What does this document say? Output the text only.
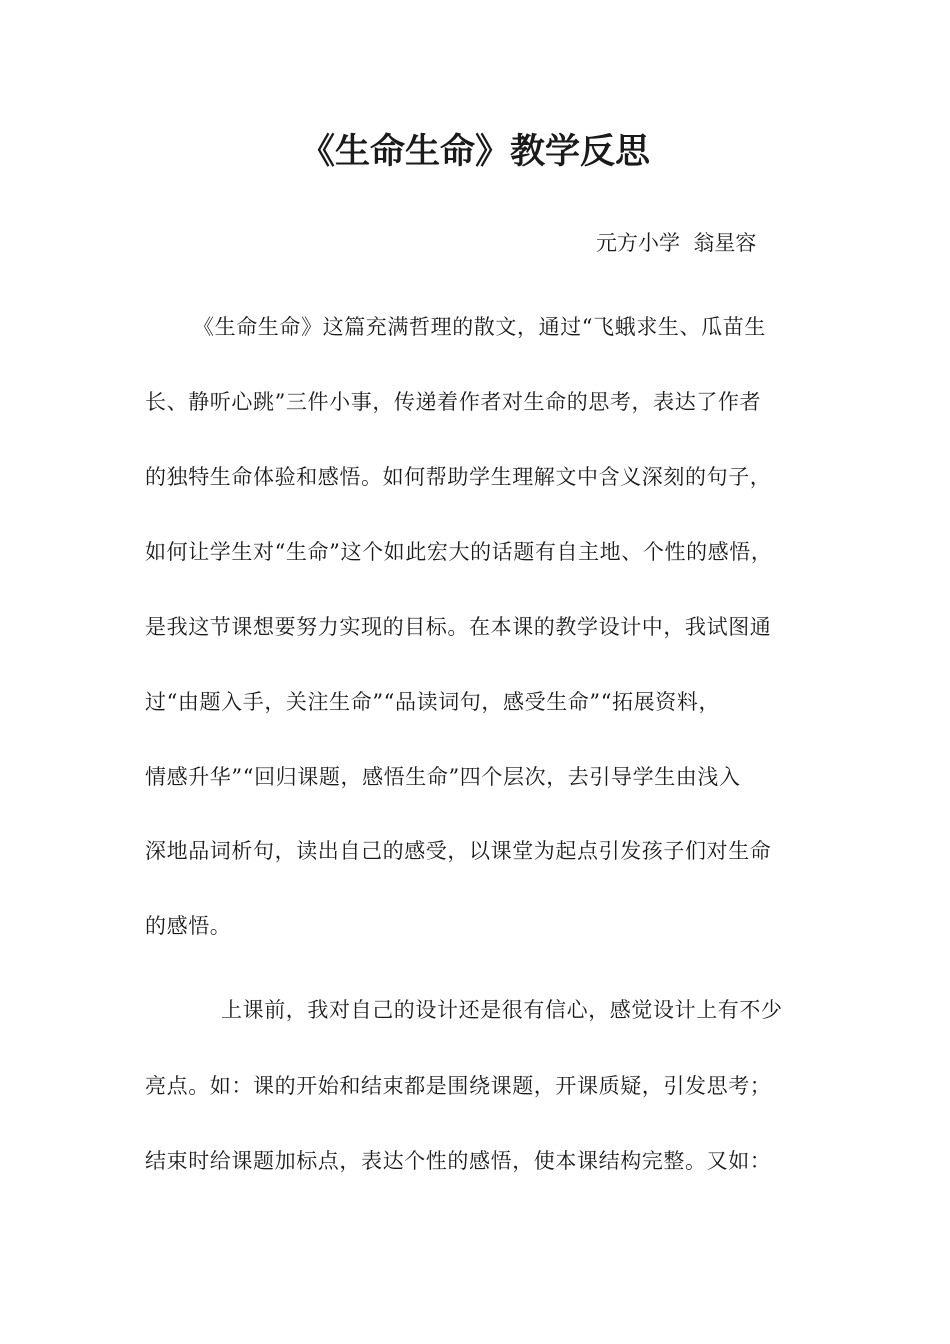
《生命生命》教学反思
元方小学  翁星容
《生命生命》这篇充满哲理的散文，通过“飞蛾求生、瓜苗生
长、静听心跳”三件小事，传递着作者对生命的思考，表达了作者
的独特生命体验和感悟。如何帮助学生理解文中含义深刻的句子，
如何让学生对“生命”这个如此宏大的话题有自主地、个性的感悟，
是我这节课想要努力实现的目标。在本课的教学设计中，我试图通
过“由题入手，关注生命”“品读词句，感受生命”“拓展资料，
情感升华”“回归课题，感悟生命”四个层次，去引导学生由浅入
深地品词析句，读出自己的感受，以课堂为起点引发孩子们对生命
的感悟。
上课前，我对自己的设计还是很有信心，感觉设计上有不少
亮点。如：课的开始和结束都是围绕课题，开课质疑，引发思考；
结束时给课题加标点，表达个性的感悟，使本课结构完整。又如：
